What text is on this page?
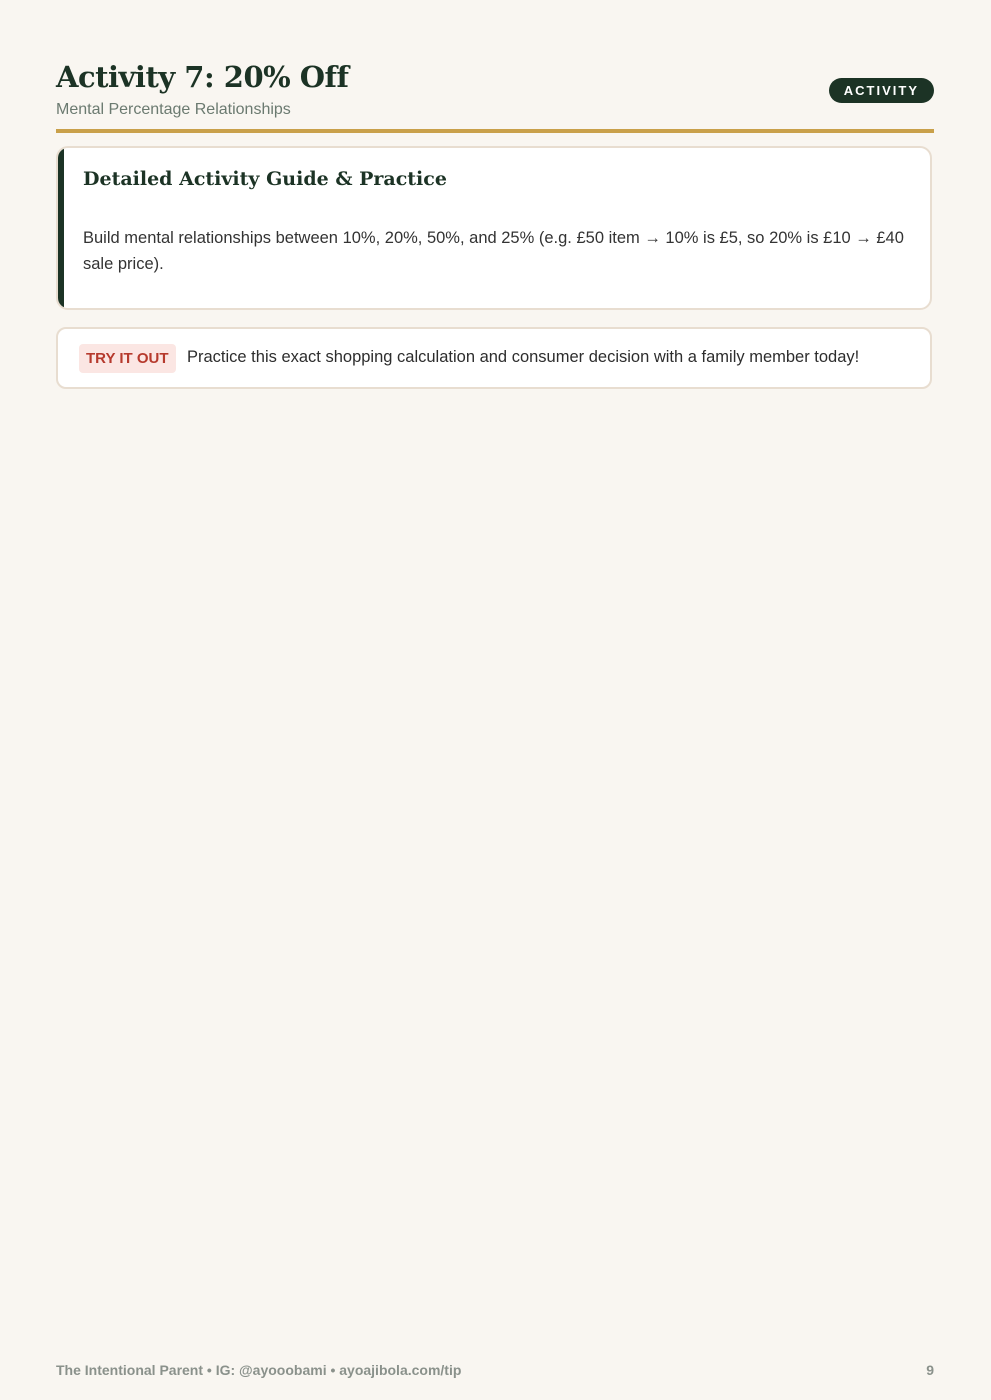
Activity 7: 20% Off
Mental Percentage Relationships
ACTIVITY
Detailed Activity Guide & Practice

Build mental relationships between 10%, 20%, 50%, and 25% (e.g. £50 item → 10% is £5, so 20% is £10 → £40 sale price).

TRY IT OUT	Practice this exact shopping calculation and consumer decision with a family member today!
The Intentional Parent • IG: @ayooobami • ayoajibola.com/tip	9
